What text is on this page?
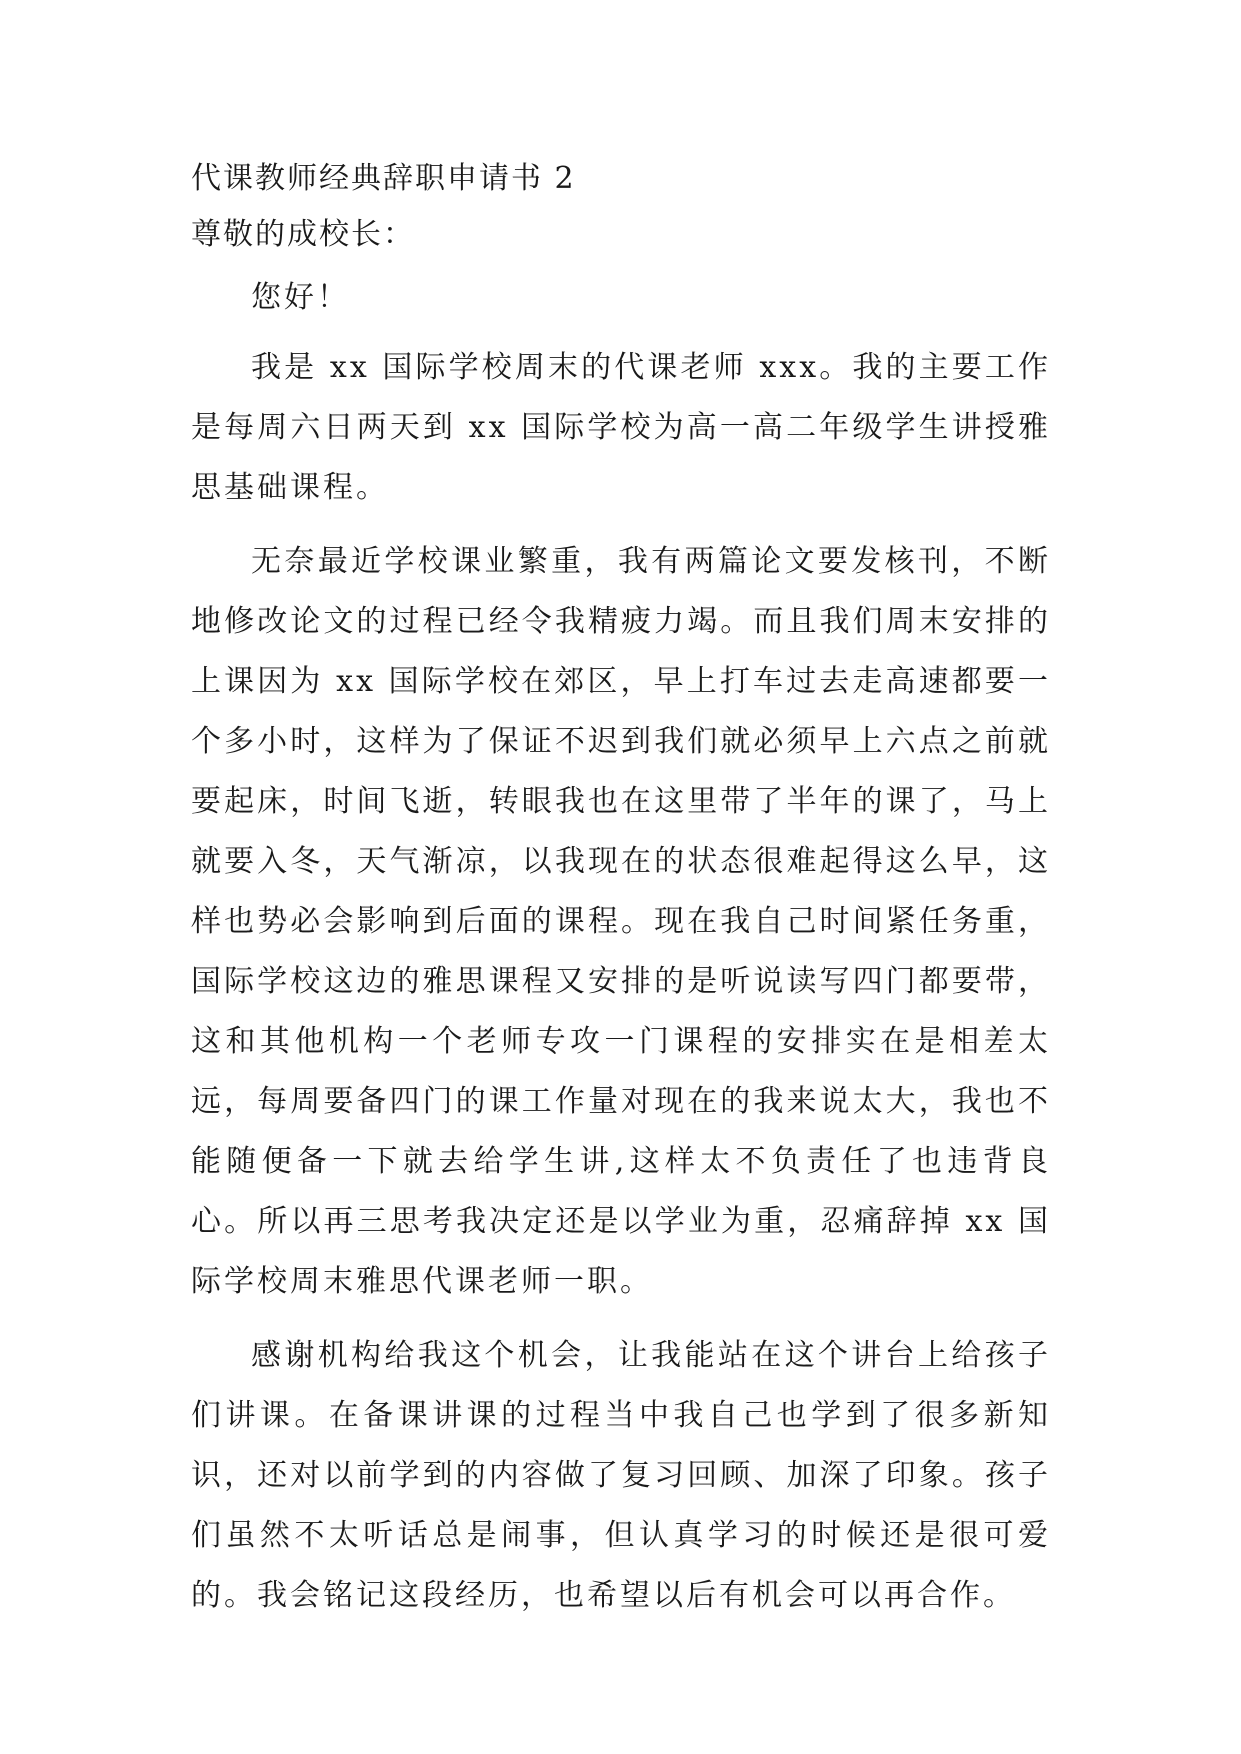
代课教师经典辞职申请书 2
尊敬的成校长：

您好！

我是 xx 国际学校周末的代课老师 xxx。我的主要工作是每周六日两天到 xx 国际学校为高一高二年级学生讲授雅思基础课程。

无奈最近学校课业繁重，我有两篇论文要发核刊，不断地修改论文的过程已经令我精疲力竭。而且我们周末安排的上课因为 xx 国际学校在郊区，早上打车过去走高速都要一个多小时，这样为了保证不迟到我们就必须早上六点之前就要起床，时间飞逝，转眼我也在这里带了半年的课了，马上就要入冬，天气渐凉，以我现在的状态很难起得这么早，这样也势必会影响到后面的课程。现在我自己时间紧任务重，国际学校这边的雅思课程又安排的是听说读写四门都要带，这和其他机构一个老师专攻一门课程的安排实在是相差太远，每周要备四门的课工作量对现在的我来说太大，我也不能随便备一下就去给学生讲,这样太不负责任了也违背良心。所以再三思考我决定还是以学业为重，忍痛辞掉 xx 国际学校周末雅思代课老师一职。

感谢机构给我这个机会，让我能站在这个讲台上给孩子们讲课。在备课讲课的过程当中我自己也学到了很多新知识，还对以前学到的内容做了复习回顾、加深了印象。孩子们虽然不太听话总是闹事，但认真学习的时候还是很可爱的。我会铭记这段经历，也希望以后有机会可以再合作。
